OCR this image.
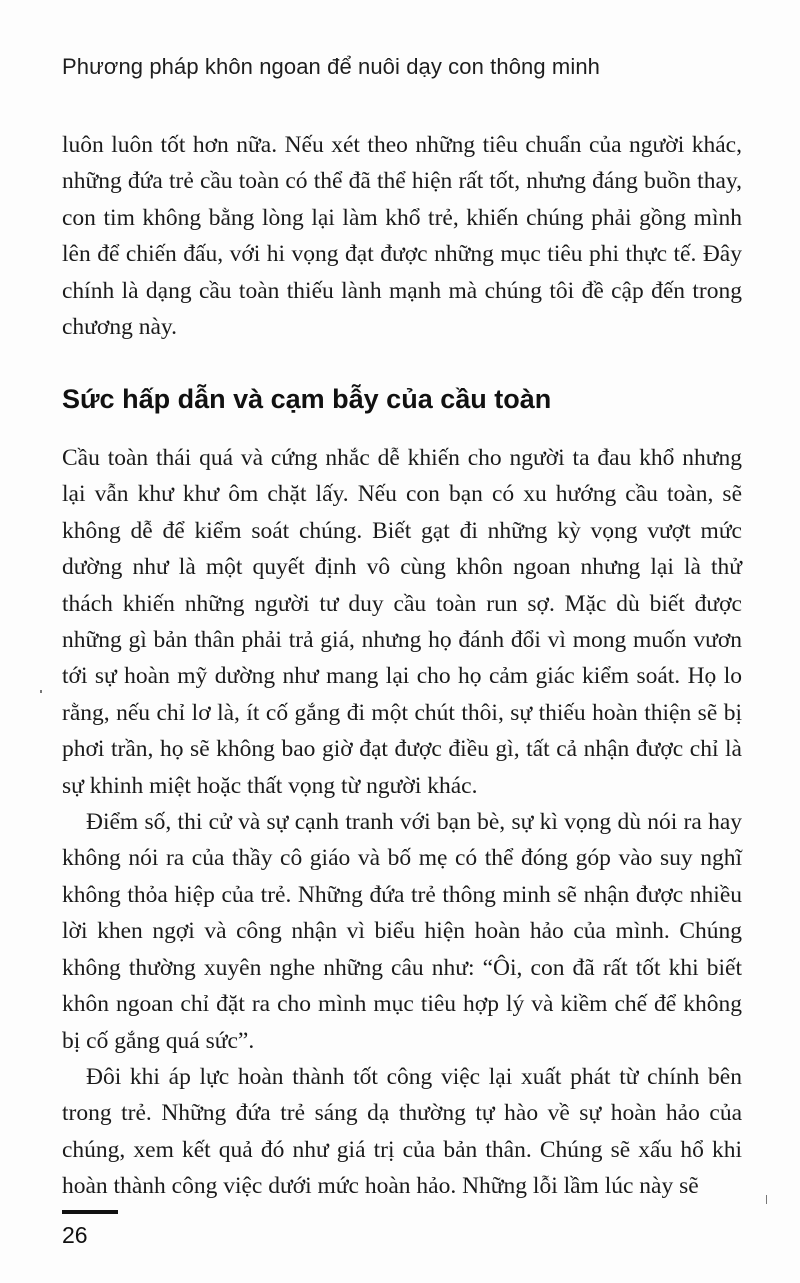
Phương pháp khôn ngoan để nuôi dạy con thông minh

luôn luôn tốt hơn nữa. Nếu xét theo những tiêu chuẩn của người khác, những đứa trẻ cầu toàn có thể đã thể hiện rất tốt, nhưng đáng buồn thay, con tim không bằng lòng lại làm khổ trẻ, khiến chúng phải gồng mình lên để chiến đấu, với hi vọng đạt được những mục tiêu phi thực tế. Đây chính là dạng cầu toàn thiếu lành mạnh mà chúng tôi đề cập đến trong chương này.

Sức hấp dẫn và cạm bẫy của cầu toàn

Cầu toàn thái quá và cứng nhắc dễ khiến cho người ta đau khổ nhưng lại vẫn khư khư ôm chặt lấy. Nếu con bạn có xu hướng cầu toàn, sẽ không dễ để kiểm soát chúng. Biết gạt đi những kỳ vọng vượt mức dường như là một quyết định vô cùng khôn ngoan nhưng lại là thử thách khiến những người tư duy cầu toàn run sợ. Mặc dù biết được những gì bản thân phải trả giá, nhưng họ đánh đổi vì mong muốn vươn tới sự hoàn mỹ dường như mang lại cho họ cảm giác kiểm soát. Họ lo rằng, nếu chỉ lơ là, ít cố gắng đi một chút thôi, sự thiếu hoàn thiện sẽ bị phơi trần, họ sẽ không bao giờ đạt được điều gì, tất cả nhận được chỉ là sự khinh miệt hoặc thất vọng từ người khác.

Điểm số, thi cử và sự cạnh tranh với bạn bè, sự kì vọng dù nói ra hay không nói ra của thầy cô giáo và bố mẹ có thể đóng góp vào suy nghĩ không thỏa hiệp của trẻ. Những đứa trẻ thông minh sẽ nhận được nhiều lời khen ngợi và công nhận vì biểu hiện hoàn hảo của mình. Chúng không thường xuyên nghe những câu như: “Ôi, con đã rất tốt khi biết khôn ngoan chỉ đặt ra cho mình mục tiêu hợp lý và kiềm chế để không bị cố gắng quá sức”.

Đôi khi áp lực hoàn thành tốt công việc lại xuất phát từ chính bên trong trẻ. Những đứa trẻ sáng dạ thường tự hào về sự hoàn hảo của chúng, xem kết quả đó như giá trị của bản thân. Chúng sẽ xấu hổ khi hoàn thành công việc dưới mức hoàn hảo. Những lỗi lầm lúc này sẽ

26
